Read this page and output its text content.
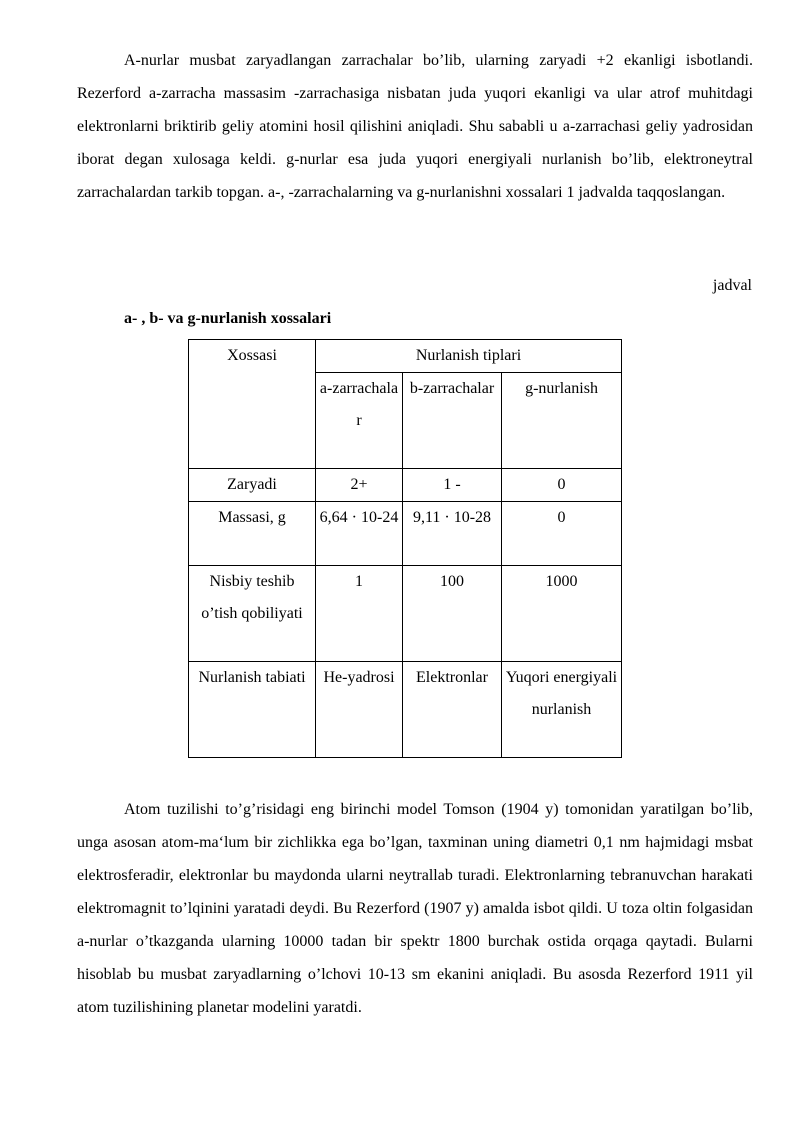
A-nurlar musbat zaryadlangan zarrachalar bo’lib, ularning zaryadi +2 ekanligi isbotlandi. Rezerford a-zarracha massasim -zarrachasiga nisbatan juda yuqori ekanligi va ular atrof muhitdagi elektronlarni briktirib geliy atomini hosil qilishini aniqladi. Shu sababli u a-zarrachasi geliy yadrosidan iborat degan xulosaga keldi. g-nurlar esa juda yuqori energiyali nurlanish bo’lib, elektroneytral zarrachalardan tarkib topgan. a-, -zarrachalarning va g-nurlanishni xossalari 1 jadvalda taqqoslangan.

jadval
a- , b- va g-nurlanish xossalari
Xossasi	Nurlanish tiplari		
	a-zarrachalar	b-zarrachalar	g-nurlanish
Zaryadi	2+	1 -	0
Massasi, g	6,64 · 10-24	9,11 · 10-28	0
Nisbiy teshib o’tish qobiliyati	1	100	1000
Nurlanish tabiati	He-yadrosi	Elektronlar	Yuqori energiyali nurlanish

Atom tuzilishi to’g’risidagi eng birinchi model Tomson (1904 y) tomonidan yaratilgan bo’lib, unga asosan atom-ma‘lum bir zichlikka ega bo’lgan, taxminan uning diametri 0,1 nm hajmidagi msbat elektrosferadir, elektronlar bu maydonda ularni neytrallab turadi. Elektronlarning tebranuvchan harakati elektromagnit to’lqinini yaratadi deydi. Bu Rezerford (1907 y) amalda isbot qildi. U toza oltin folgasidan a-nurlar o’tkazganda ularning 10000 tadan bir spektr 1800 burchak ostida orqaga qaytadi. Bularni hisoblab bu musbat zaryadlarning o’lchovi 10-13 sm ekanini aniqladi. Bu asosda Rezerford 1911 yil atom tuzilishining planetar modelini yaratdi.
